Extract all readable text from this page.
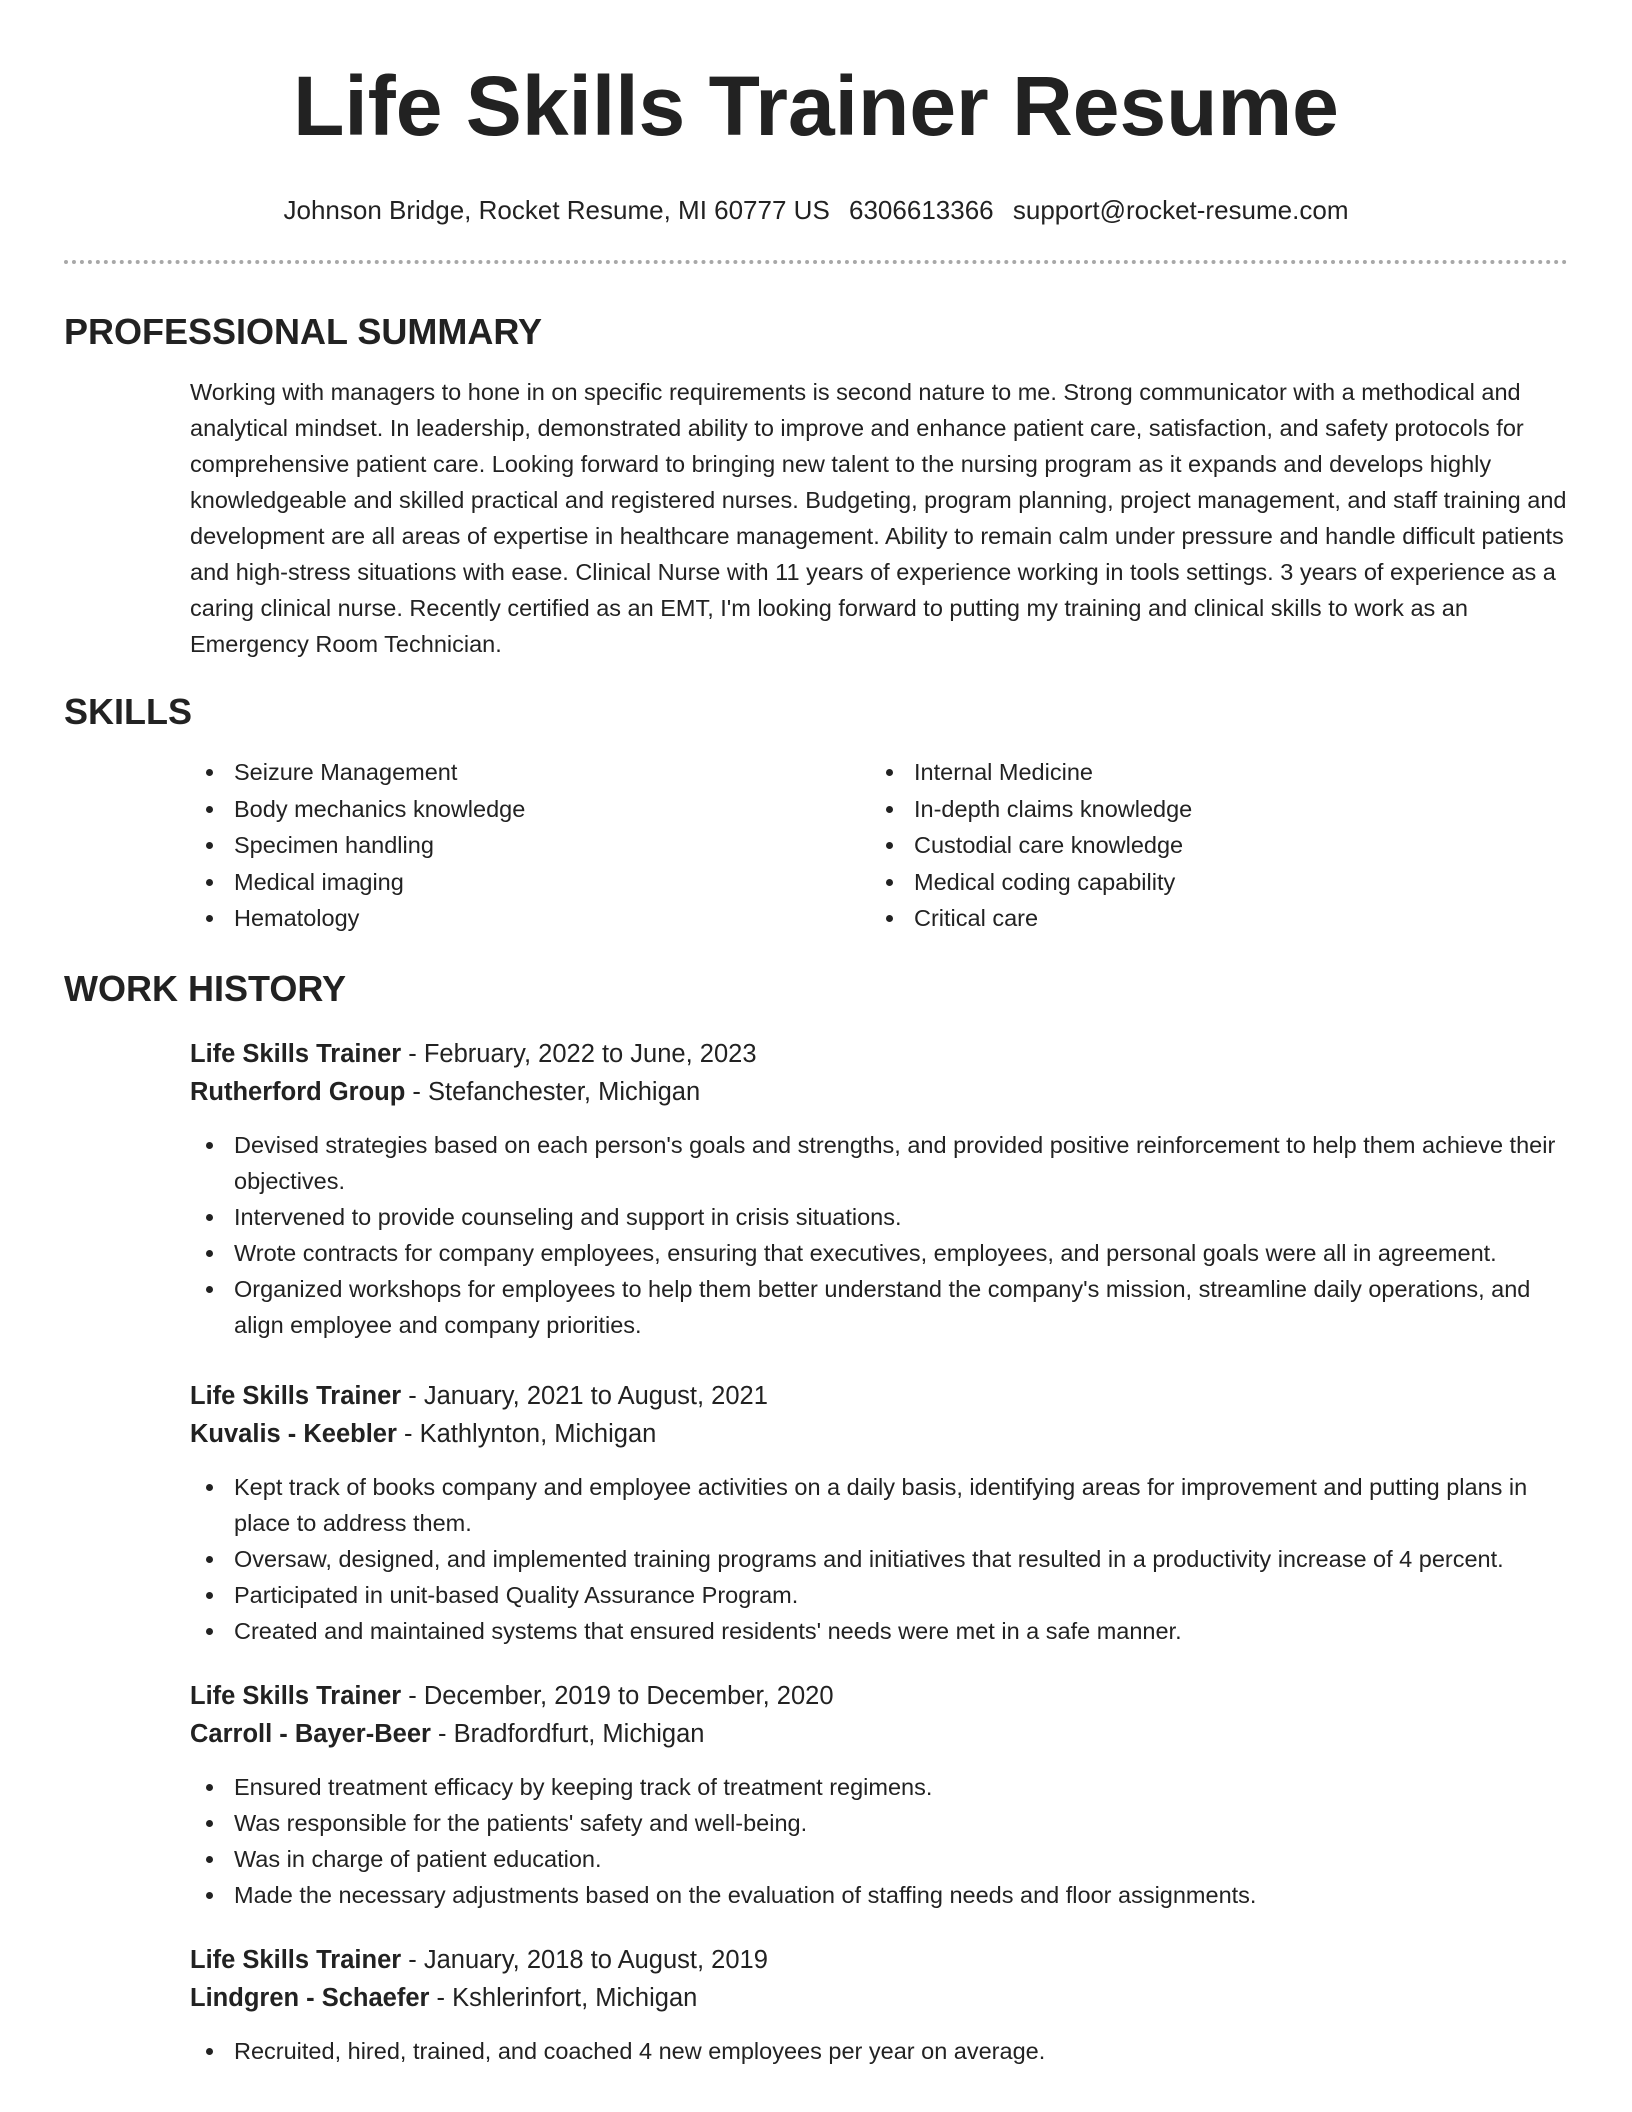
Life Skills Trainer Resume
Johnson Bridge, Rocket Resume, MI 60777 US 6306613366 support@rocket-resume.com
PROFESSIONAL SUMMARY
Working with managers to hone in on specific requirements is second nature to me. Strong communicator with a methodical and analytical mindset. In leadership, demonstrated ability to improve and enhance patient care, satisfaction, and safety protocols for comprehensive patient care. Looking forward to bringing new talent to the nursing program as it expands and develops highly knowledgeable and skilled practical and registered nurses. Budgeting, program planning, project management, and staff training and development are all areas of expertise in healthcare management. Ability to remain calm under pressure and handle difficult patients and high-stress situations with ease. Clinical Nurse with 11 years of experience working in tools settings. 3 years of experience as a caring clinical nurse. Recently certified as an EMT, I'm looking forward to putting my training and clinical skills to work as an Emergency Room Technician.
SKILLS
Seizure Management
Body mechanics knowledge
Specimen handling
Medical imaging
Hematology
Internal Medicine
In-depth claims knowledge
Custodial care knowledge
Medical coding capability
Critical care
WORK HISTORY
Life Skills Trainer - February, 2022 to June, 2023
Rutherford Group - Stefanchester, Michigan
Devised strategies based on each person's goals and strengths, and provided positive reinforcement to help them achieve their objectives.
Intervened to provide counseling and support in crisis situations.
Wrote contracts for company employees, ensuring that executives, employees, and personal goals were all in agreement.
Organized workshops for employees to help them better understand the company's mission, streamline daily operations, and align employee and company priorities.
Life Skills Trainer - January, 2021 to August, 2021
Kuvalis - Keebler - Kathlynton, Michigan
Kept track of books company and employee activities on a daily basis, identifying areas for improvement and putting plans in place to address them.
Oversaw, designed, and implemented training programs and initiatives that resulted in a productivity increase of 4 percent.
Participated in unit-based Quality Assurance Program.
Created and maintained systems that ensured residents' needs were met in a safe manner.
Life Skills Trainer - December, 2019 to December, 2020
Carroll - Bayer-Beer - Bradfordfurt, Michigan
Ensured treatment efficacy by keeping track of treatment regimens.
Was responsible for the patients' safety and well-being.
Was in charge of patient education.
Made the necessary adjustments based on the evaluation of staffing needs and floor assignments.
Life Skills Trainer - January, 2018 to August, 2019
Lindgren - Schaefer - Kshlerinfort, Michigan
Recruited, hired, trained, and coached 4 new employees per year on average.
